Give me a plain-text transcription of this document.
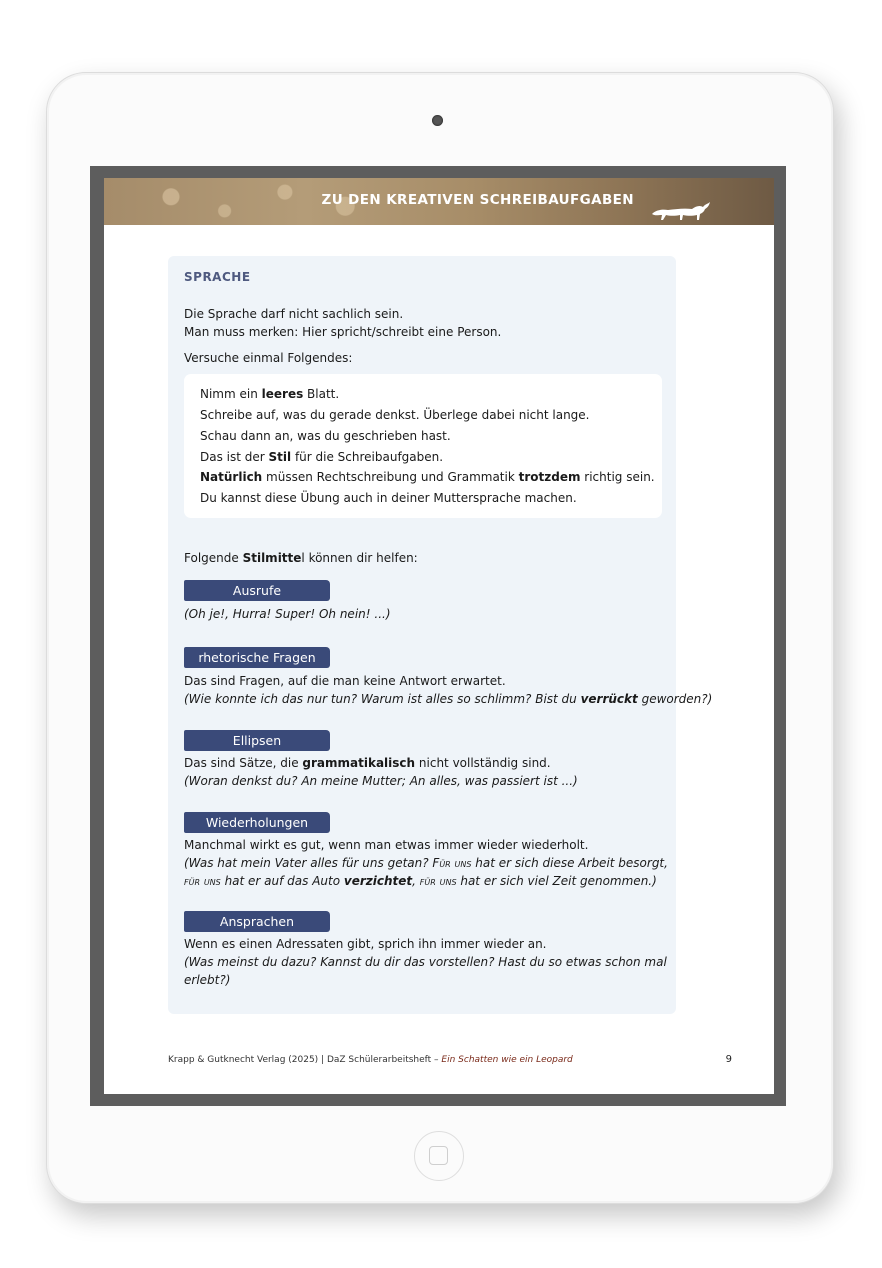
ZU DEN KREATIVEN SCHREIBAUFGABEN
SPRACHE
Die Sprache darf nicht sachlich sein.
Man muss merken: Hier spricht/schreibt eine Person.
Versuche einmal Folgendes:
Nimm ein leeres Blatt.
Schreibe auf, was du gerade denkst. Überlege dabei nicht lange.
Schau dann an, was du geschrieben hast.
Das ist der Stil für die Schreibaufgaben.
Natürlich müssen Rechtschreibung und Grammatik trotzdem richtig sein.
Du kannst diese Übung auch in deiner Muttersprache machen.
Folgende Stilmittel können dir helfen:
Ausrufe
(Oh je!, Hurra! Super! Oh nein! ...)
rhetorische Fragen
Das sind Fragen, auf die man keine Antwort erwartet.
(Wie konnte ich das nur tun? Warum ist alles so schlimm? Bist du verrückt geworden?)
Ellipsen
Das sind Sätze, die grammatikalisch nicht vollständig sind.
(Woran denkst du? An meine Mutter; An alles, was passiert ist ...)
Wiederholungen
Manchmal wirkt es gut, wenn man etwas immer wieder wiederholt.
(Was hat mein Vater alles für uns getan? Für uns hat er sich diese Arbeit besorgt,
für uns hat er auf das Auto verzichtet, für uns hat er sich viel Zeit genommen.)
Ansprachen
Wenn es einen Adressaten gibt, sprich ihn immer wieder an.
(Was meinst du dazu? Kannst du dir das vorstellen? Hast du so etwas schon mal
erlebt?)
Krapp & Gutknecht Verlag (2025) | DaZ Schülerarbeitsheft – Ein Schatten wie ein Leopard	9
